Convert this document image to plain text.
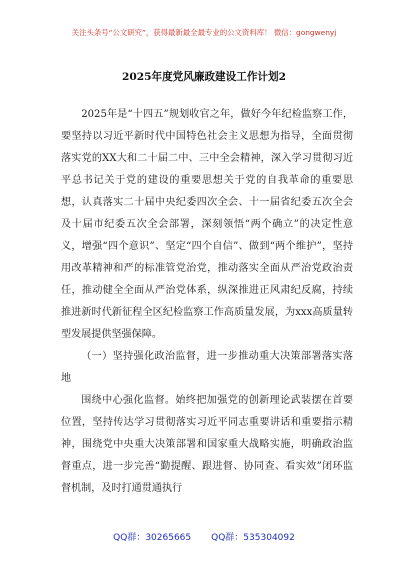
关注头条号“公文研究”，获得最新最全最专业的公文资料库！ 微信：gongwenyj
2025年度党风廉政建设工作计划2

2025年是“十四五”规划收官之年，做好今年纪检监察工作，要坚持以习近平新时代中国特色社会主义思想为指导，全面贯彻落实党的XX大和二十届二中、三中全会精神，深入学习贯彻习近平总书记关于党的建设的重要思想关于党的自我革命的重要思想，认真落实二十届中央纪委四次全会、十一届省纪委五次全会及十届市纪委五次全会部署，深刻领悟“两个确立”的决定性意义，增强“四个意识”、坚定“四个自信”、做到“两个维护”，坚持用改革精神和严的标准管党治党，推动落实全面从严治党政治责任，推动健全全面从严治党体系，纵深推进正风肃纪反腐，持续推进新时代新征程全区纪检监察工作高质量发展，为xxx高质量转型发展提供坚强保障。

（一）坚持强化政治监督，进一步推动重大决策部署落实落地

围绕中心强化监督。始终把加强党的创新理论武装摆在首要位置，坚持传达学习贯彻落实习近平同志重要讲话和重要指示精神，围绕党中央重大决策部署和国家重大战略实施，明确政治监督重点，进一步完善“勤提醒、跟进督、协同查、看实效”闭环监督机制，及时打通贯通执行

QQ群：30265665 QQ群：535304092
